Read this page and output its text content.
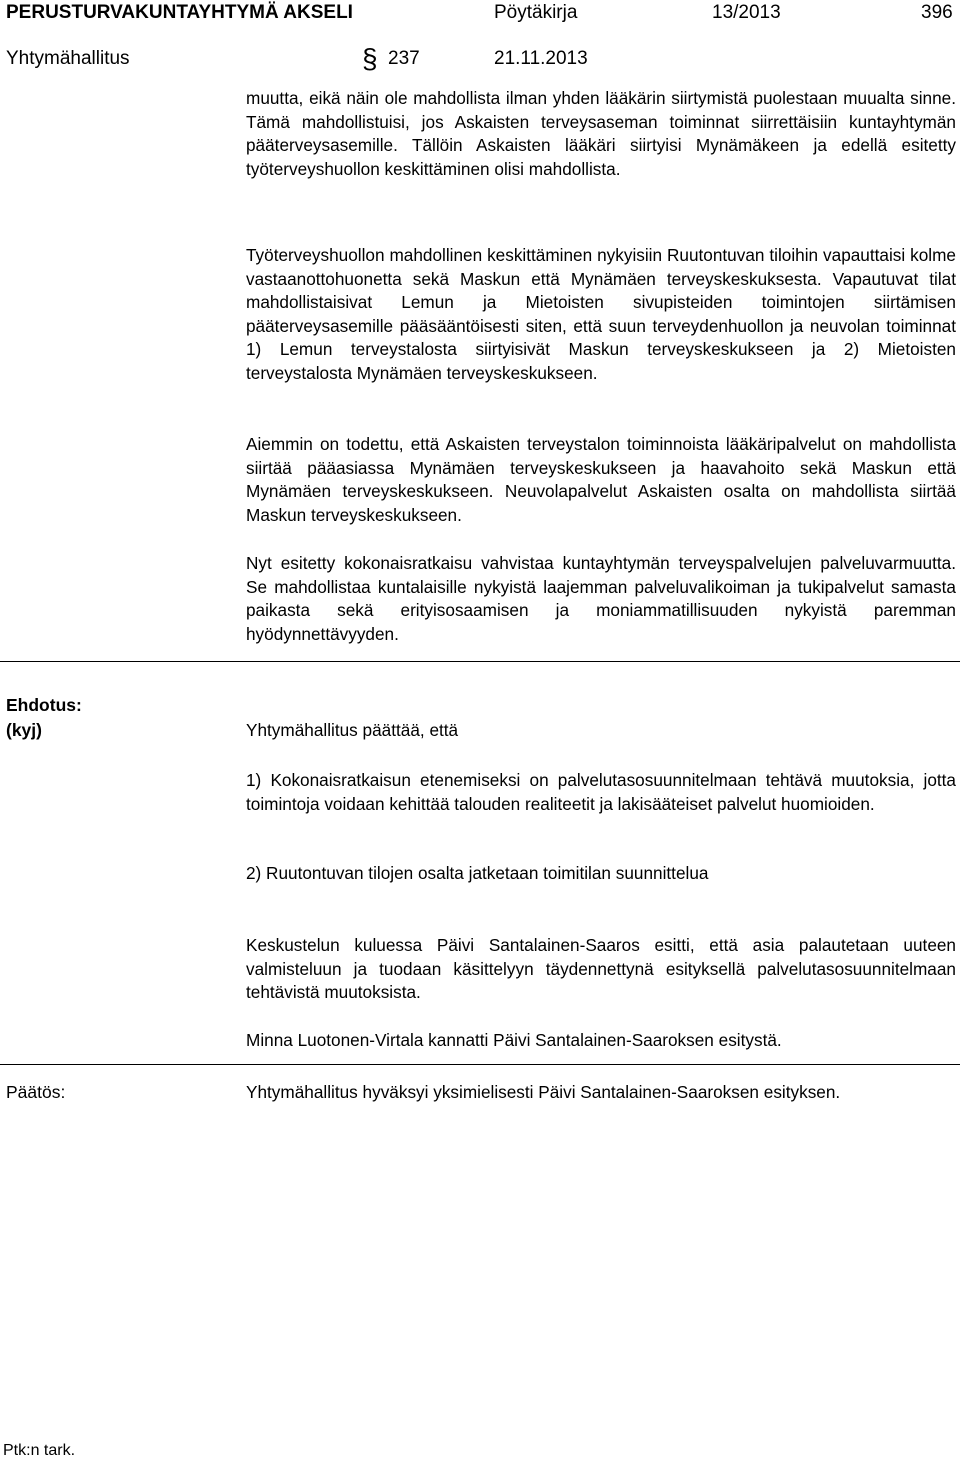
PERUSTURVAKUNTAYHTYMÄ AKSELI	Pöytäkirja	13/2013	396
Yhtymähallitus	§ 237	21.11.2013

muutta, eikä näin ole mahdollista ilman yhden lääkärin siirtymistä puolestaan muualta sinne. Tämä mahdollistuisi, jos Askaisten terveysaseman toiminnat siirrettäisiin kuntayhtymän pääterveysasemille. Tällöin Askaisten lääkäri siirtyisi Mynämäkeen ja edellä esitetty työterveyshuollon keskittäminen olisi mahdollista.

Työterveyshuollon mahdollinen keskittäminen nykyisiin Ruutontuvan tiloihin vapauttaisi kolme vastaanottohuonetta sekä Maskun että Mynämäen terveyskeskuksesta. Vapautuvat tilat mahdollistaisivat Lemun ja Mietoisten sivupisteiden toimintojen siirtämisen pääterveysasemille pääsääntöisesti siten, että suun terveydenhuollon ja neuvolan toiminnat 1) Lemun terveystalosta siirtyisivät Maskun terveyskeskukseen ja 2) Mietoisten terveystalosta Mynämäen terveyskeskukseen.

Aiemmin on todettu, että Askaisten terveystalon toiminnoista lääkäripalvelut on mahdollista siirtää pääasiassa Mynämäen terveyskeskukseen ja haavahoito sekä Maskun että Mynämäen terveyskeskukseen. Neuvolapalvelut Askaisten osalta on mahdollista siirtää Maskun terveyskeskukseen.

Nyt esitetty kokonaisratkaisu vahvistaa kuntayhtymän terveyspalvelujen palveluvarmuutta. Se mahdollistaa kuntalaisille nykyistä laajemman palveluvalikoiman ja tukipalvelut samasta paikasta sekä erityisosaamisen ja moniammatillisuuden nykyistä paremman hyödynnettävyyden.

Ehdotus:
(kyj)	Yhtymähallitus päättää, että

1) Kokonaisratkaisun etenemiseksi on palvelutasosuunnitelmaan tehtävä muutoksia, jotta toimintoja voidaan kehittää talouden realiteetit ja lakisääteiset palvelut huomioiden.

2) Ruutontuvan tilojen osalta jatketaan toimitilan suunnittelua

Keskustelun kuluessa Päivi Santalainen-Saaros esitti, että asia palautetaan uuteen valmisteluun ja tuodaan käsittelyyn täydennettynä esityksellä palvelutasosuunnitelmaan tehtävistä muutoksista.

Minna Luotonen-Virtala kannatti Päivi Santalainen-Saaroksen esitystä.

Päätös:	Yhtymähallitus hyväksyi yksimielisesti Päivi Santalainen-Saaroksen esityksen.

Ptk:n tark.
